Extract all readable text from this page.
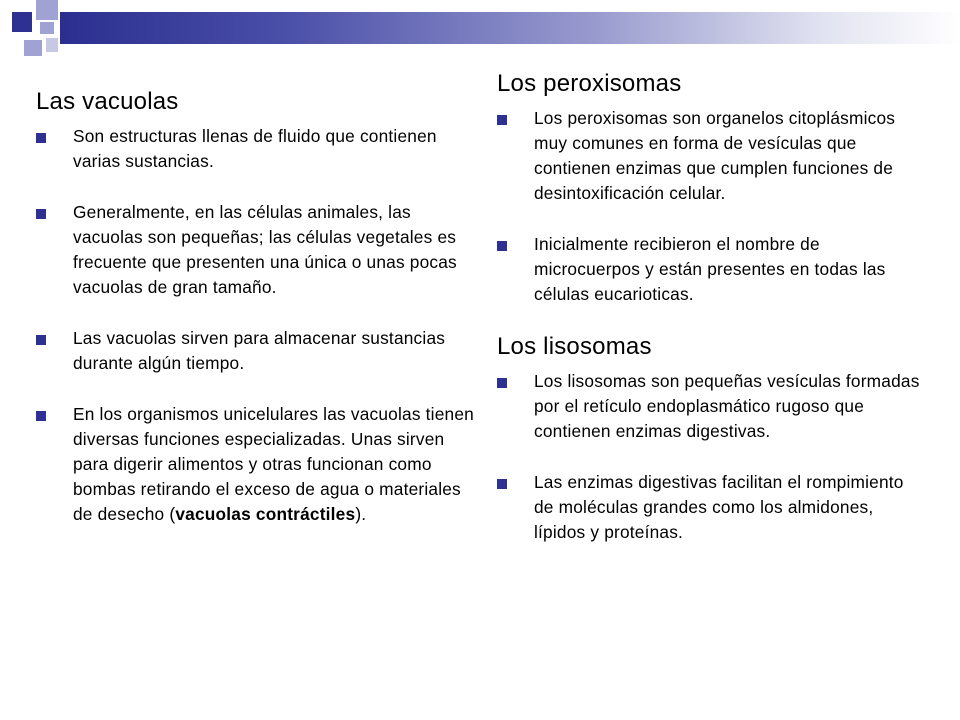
Las vacuolas
Son estructuras llenas de fluido que contienen varias sustancias.
Generalmente, en las células animales, las vacuolas son pequeñas; las células vegetales es frecuente que presenten una única o unas pocas vacuolas de gran tamaño.
Las vacuolas sirven para almacenar sustancias durante algún tiempo.
En los organismos unicelulares las vacuolas tienen diversas funciones especializadas. Unas sirven para digerir alimentos y otras funcionan como bombas retirando el exceso de agua o materiales de desecho (vacuolas contráctiles).
Los peroxisomas
Los peroxisomas son organelos citoplásmicos muy comunes en forma de vesículas que contienen enzimas que cumplen funciones de desintoxificación celular.
Inicialmente recibieron el nombre de microcuerpos y están presentes en todas las células eucarioticas.
Los lisosomas
Los lisosomas son pequeñas vesículas formadas por el retículo endoplasmático rugoso que contienen enzimas digestivas.
Las enzimas digestivas facilitan el rompimiento de moléculas grandes como los almidones, lípidos y proteínas.
